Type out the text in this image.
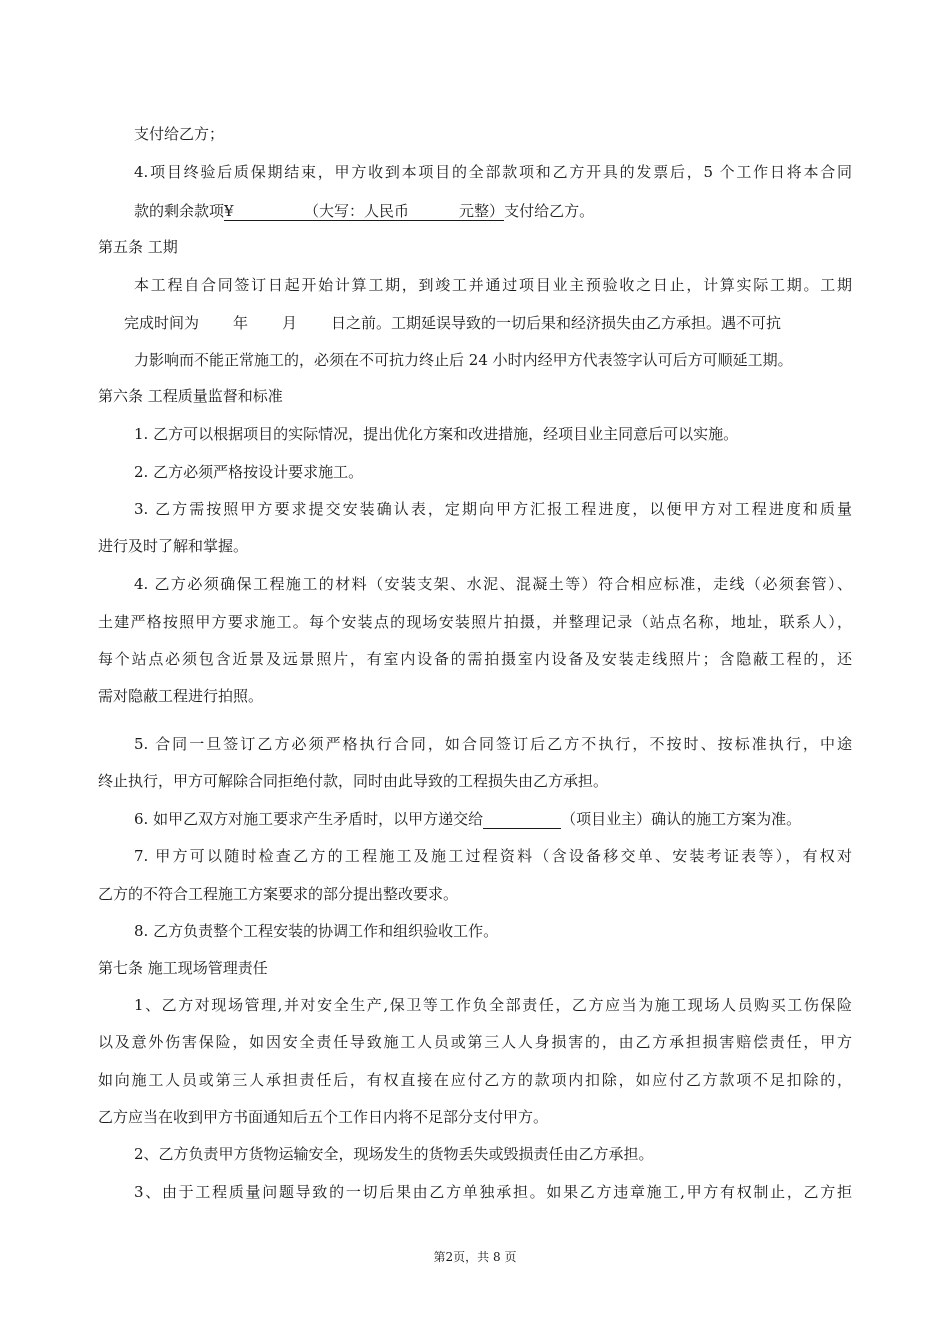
支付给乙方；
4.项目终验后质保期结束，甲方收到本项目的全部款项和乙方开具的发票后，5 个工作日将本合同
款的剩余款项¥	（大写：人民币	元整）支付给乙方。
第五条 工期
本工程自合同签订日起开始计算工期，到竣工并通过项目业主预验收之日止，计算实际工期。工期
完成时间为 年 月 日之前。工期延误导致的一切后果和经济损失由乙方承担。遇不可抗
力影响而不能正常施工的，必须在不可抗力终止后 24 小时内经甲方代表签字认可后方可顺延工期。
第六条 工程质量监督和标准
1. 乙方可以根据项目的实际情况，提出优化方案和改进措施，经项目业主同意后可以实施。
2. 乙方必须严格按设计要求施工。
3. 乙方需按照甲方要求提交安装确认表，定期向甲方汇报工程进度，以便甲方对工程进度和质量
进行及时了解和掌握。
4. 乙方必须确保工程施工的材料（安装支架、水泥、混凝土等）符合相应标准，走线（必须套管）、
土建严格按照甲方要求施工。每个安装点的现场安装照片拍摄，并整理记录（站点名称，地址，联系人），
每个站点必须包含近景及远景照片，有室内设备的需拍摄室内设备及安装走线照片；含隐蔽工程的，还
需对隐蔽工程进行拍照。
5. 合同一旦签订乙方必须严格执行合同，如合同签订后乙方不执行，不按时、按标准执行，中途
终止执行，甲方可解除合同拒绝付款，同时由此导致的工程损失由乙方承担。
6. 如甲乙双方对施工要求产生矛盾时，以甲方递交给	（项目业主）确认的施工方案为准。
7. 甲方可以随时检查乙方的工程施工及施工过程资料（含设备移交单、安装考证表等），有权对
乙方的不符合工程施工方案要求的部分提出整改要求。
8. 乙方负责整个工程安装的协调工作和组织验收工作。
第七条 施工现场管理责任
1、乙方对现场管理,并对安全生产,保卫等工作负全部责任，乙方应当为施工现场人员购买工伤保险
以及意外伤害保险，如因安全责任导致施工人员或第三人人身损害的，由乙方承担损害赔偿责任，甲方
如向施工人员或第三人承担责任后，有权直接在应付乙方的款项内扣除，如应付乙方款项不足扣除的，
乙方应当在收到甲方书面通知后五个工作日内将不足部分支付甲方。
2、乙方负责甲方货物运输安全，现场发生的货物丢失或毁损责任由乙方承担。
3、由于工程质量问题导致的一切后果由乙方单独承担。如果乙方违章施工,甲方有权制止，乙方拒
第2页，共 8 页
